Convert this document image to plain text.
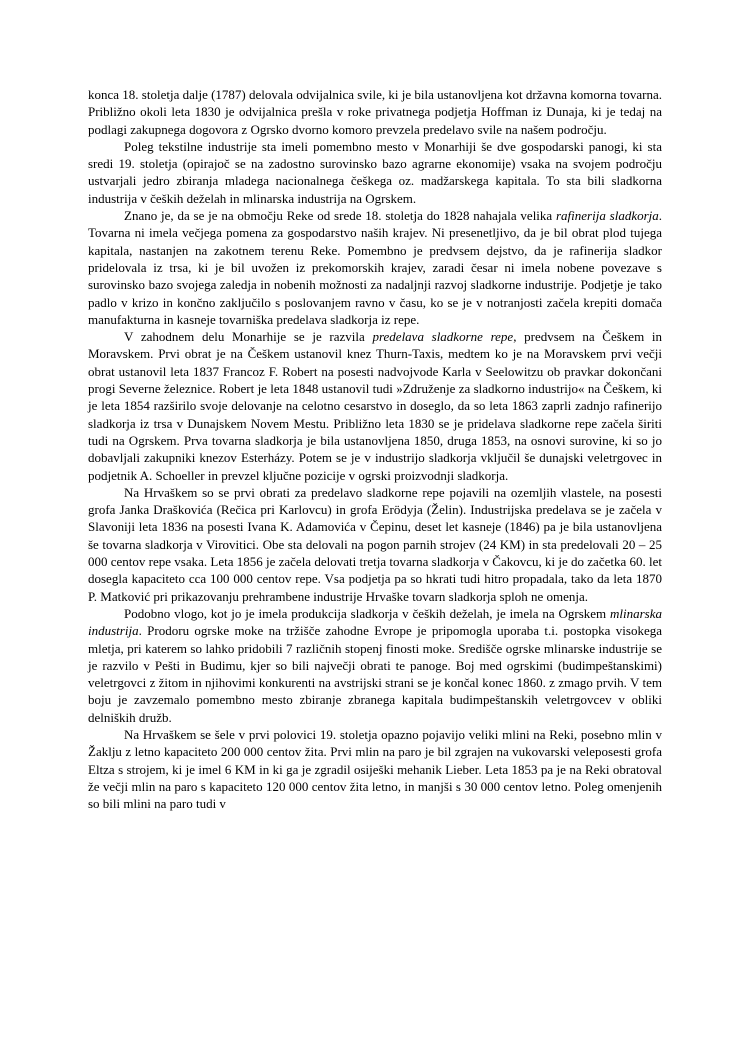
konca 18. stoletja dalje (1787) delovala odvijalnica svile, ki je bila ustanovljena kot državna komorna tovarna. Približno okoli leta 1830 je odvijalnica prešla v roke privatnega podjetja Hoffman iz Dunaja, ki je tedaj na podlagi zakupnega dogovora z Ogrsko dvorno komoro prevzela predelavo svile na našem področju.

Poleg tekstilne industrije sta imeli pomembno mesto v Monarhiji še dve gospodarski panogi, ki sta sredi 19. stoletja (opirajoč se na zadostno surovinsko bazo agrarne ekonomije) vsaka na svojem področju ustvarjali jedro zbiranja mladega nacionalnega češkega oz. madžarskega kapitala. To sta bili sladkorna industrija v čeških deželah in mlinarska industrija na Ogrskem.

Znano je, da se je na območju Reke od srede 18. stoletja do 1828 nahajala velika rafinerija sladkorja. Tovarna ni imela večjega pomena za gospodarstvo naših krajev. Ni presenetljivo, da je bil obrat plod tujega kapitala, nastanjen na zakotnem terenu Reke. Pomembno je predvsem dejstvo, da je rafinerija sladkor pridelovala iz trsa, ki je bil uvožen iz prekomorskih krajev, zaradi česar ni imela nobene povezave s surovinsko bazo svojega zaledja in nobenih možnosti za nadaljnji razvoj sladkorne industrije. Podjetje je tako padlo v krizo in končno zaključilo s poslovanjem ravno v času, ko se je v notranjosti začela krepiti domača manufakturna in kasneje tovarniška predelava sladkorja iz repe.

V zahodnem delu Monarhije se je razvila predelava sladkorne repe, predvsem na Češkem in Moravskem. Prvi obrat je na Češkem ustanovil knez Thurn-Taxis, medtem ko je na Moravskem prvi večji obrat ustanovil leta 1837 Francoz F. Robert na posesti nadvojvode Karla v Seelowitzu ob pravkar dokončani progi Severne železnice. Robert je leta 1848 ustanovil tudi »Združenje za sladkorno industrijo« na Češkem, ki je leta 1854 razširilo svoje delovanje na celotno cesarstvo in doseglo, da so leta 1863 zaprli zadnjo rafinerijo sladkorja iz trsa v Dunajskem Novem Mestu. Približno leta 1830 se je pridelava sladkorne repe začela širiti tudi na Ogrskem. Prva tovarna sladkorja je bila ustanovljena 1850, druga 1853, na osnovi surovine, ki so jo dobavljali zakupniki knezov Esterházy. Potem se je v industrijo sladkorja vključil še dunajski veletrgovec in podjetnik A. Schoeller in prevzel ključne pozicije v ogrski proizvodnji sladkorja.

Na Hrvaškem so se prvi obrati za predelavo sladkorne repe pojavili na ozemljih vlastele, na posesti grofa Janka Draškovića (Rečica pri Karlovcu) in grofa Erödyja (Želin). Industrijska predelava se je začela v Slavoniji leta 1836 na posesti Ivana K. Adamovića v Čepinu, deset let kasneje (1846) pa je bila ustanovljena še tovarna sladkorja v Virovitici. Obe sta delovali na pogon parnih strojev (24 KM) in sta predelovali 20 – 25 000 centov repe vsaka. Leta 1856 je začela delovati tretja tovarna sladkorja v Čakovcu, ki je do začetka 60. let dosegla kapaciteto cca 100 000 centov repe. Vsa podjetja pa so hkrati tudi hitro propadala, tako da leta 1870 P. Matković pri prikazovanju prehrambene industrije Hrvaške tovarn sladkorja sploh ne omenja.

Podobno vlogo, kot jo je imela produkcija sladkorja v čeških deželah, je imela na Ogrskem mlinarska industrija. Prodoru ogrske moke na tržišče zahodne Evrope je pripomogla uporaba t.i. postopka visokega mletja, pri katerem so lahko pridobili 7 različnih stopenj finosti moke. Središče ogrske mlinarske industrije se je razvilo v Pešti in Budimu, kjer so bili največji obrati te panoge. Boj med ogrskimi (budimpeštanskimi) veletrgovci z žitom in njihovimi konkurenti na avstrijski strani se je končal konec 1860. z zmago prvih. V tem boju je zavzemalo pomembno mesto zbiranje zbranega kapitala budimpeštanskih veletrgovcev v obliki delniških družb.

Na Hrvaškem se šele v prvi polovici 19. stoletja opazno pojavijo veliki mlini na Reki, posebno mlin v Žaklju z letno kapaciteto 200 000 centov žita. Prvi mlin na paro je bil zgrajen na vukovarski veleposesti grofa Eltza s strojem, ki je imel 6 KM in ki ga je zgradil osiješki mehanik Lieber. Leta 1853 pa je na Reki obratoval že večji mlin na paro s kapaciteto 120 000 centov žita letno, in manjši s 30 000 centov letno. Poleg omenjenih so bili mlini na paro tudi v
